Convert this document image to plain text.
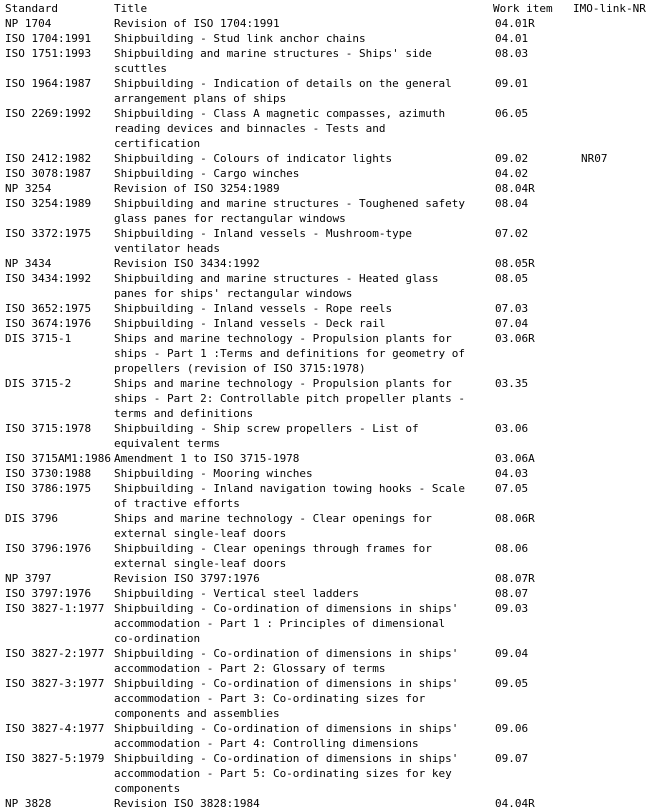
Standard	Title	Work item	IMO-link-NR
NP 1704	Revision of ISO 1704:1991	04.01R	
ISO 1704:1991	Shipbuilding - Stud link anchor chains	04.01	
ISO 1751:1993	Shipbuilding and marine structures - Ships' side scuttles	08.03	
ISO 1964:1987	Shipbuilding - Indication of details on the general arrangement plans of ships	09.01	
ISO 2269:1992	Shipbuilding - Class A magnetic compasses, azimuth reading devices and binnacles - Tests and certification	06.05	
ISO 2412:1982	Shipbuilding - Colours of indicator lights	09.02	NR07
ISO 3078:1987	Shipbuilding - Cargo winches	04.02	
NP 3254	Revision of ISO 3254:1989	08.04R	
ISO 3254:1989	Shipbuilding and marine structures - Toughened safety glass panes for rectangular windows	08.04	
ISO 3372:1975	Shipbuilding - Inland vessels - Mushroom-type ventilator heads	07.02	
NP 3434	Revision ISO 3434:1992	08.05R	
ISO 3434:1992	Shipbuilding and marine structures - Heated glass panes for ships' rectangular windows	08.05	
ISO 3652:1975	Shipbuilding - Inland vessels - Rope reels	07.03	
ISO 3674:1976	Shipbuilding - Inland vessels - Deck rail	07.04	
DIS 3715-1	Ships and marine technology - Propulsion plants for ships - Part 1 :Terms and definitions for geometry of propellers (revision of ISO 3715:1978)	03.06R	
DIS 3715-2	Ships and marine technology - Propulsion plants for ships - Part 2: Controllable pitch propeller plants - terms and definitions	03.35	
ISO 3715:1978	Shipbuilding - Ship screw propellers - List of equivalent terms	03.06	
ISO 3715AM1:1986	Amendment 1 to ISO 3715-1978	03.06A	
ISO 3730:1988	Shipbuilding - Mooring winches	04.03	
ISO 3786:1975	Shipbuilding - Inland navigation towing hooks - Scale of tractive efforts	07.05	
DIS 3796	Ships and marine technology - Clear openings for external single-leaf doors	08.06R	
ISO 3796:1976	Shipbuilding - Clear openings through frames for external single-leaf doors	08.06	
NP 3797	Revision ISO 3797:1976	08.07R	
ISO 3797:1976	Shipbuilding - Vertical steel ladders	08.07	
ISO 3827-1:1977	Shipbuilding - Co-ordination of dimensions in ships' accommodation - Part 1 : Principles of dimensional co-ordination	09.03	
ISO 3827-2:1977	Shipbuilding - Co-ordination of dimensions in ships' accommodation - Part 2: Glossary of terms	09.04	
ISO 3827-3:1977	Shipbuilding - Co-ordination of dimensions in ships' accommodation - Part 3: Co-ordinating sizes for components and assemblies	09.05	
ISO 3827-4:1977	Shipbuilding - Co-ordination of dimensions in ships' accommodation - Part 4: Controlling dimensions	09.06	
ISO 3827-5:1979	Shipbuilding - Co-ordination of dimensions in ships' accommodation - Part 5: Co-ordinating sizes for key components	09.07	
NP 3828	Revision ISO 3828:1984	04.04R	
